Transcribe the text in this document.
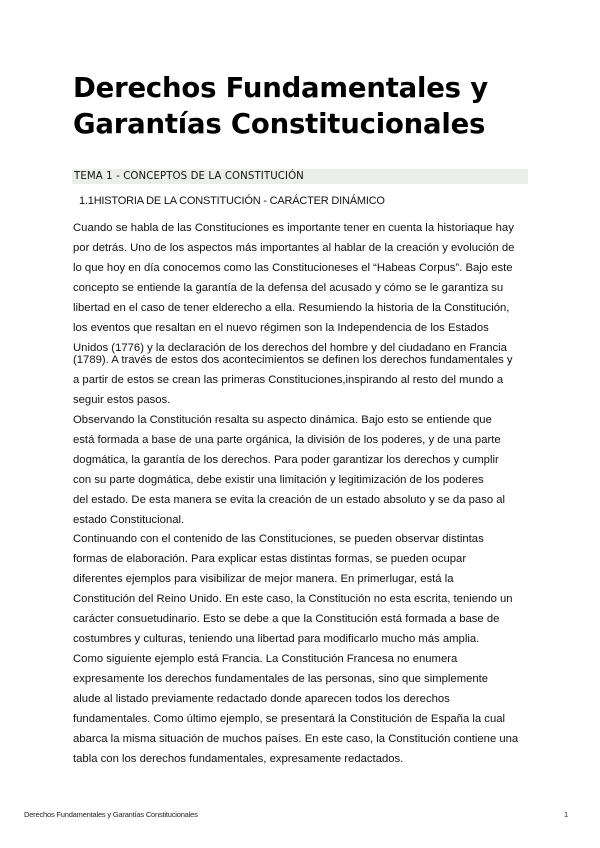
Derechos Fundamentales y
Garantías Constitucionales
TEMA 1 - CONCEPTOS DE LA CONSTITUCIÓN
1.1HISTORIA DE LA CONSTITUCIÓN - CARÁCTER DINÁMICO

Cuando se habla de las Constituciones es importante tener en cuenta la historiaque hay
por detrás. Uno de los aspectos más importantes al hablar de la creación y evolución de
lo que hoy en día conocemos como las Constitucioneses el “Habeas Corpus”. Bajo este
concepto se entiende la garantía de la defensa del acusado y cómo se le garantiza su
libertad en el caso de tener elderecho a ella. Resumiendo la historia de la Constitución,
los eventos que resaltan en el nuevo régimen son la Independencia de los Estados
Unidos (1776) y la declaración de los derechos del hombre y del ciudadano en Francia

(1789). A través de estos dos acontecimientos se definen los derechos fundamentales y
a partir de estos se crean las primeras Constituciones,inspirando al resto del mundo a
seguir estos pasos.

Observando la Constitución resalta su aspecto dinámica. Bajo esto se entiende que
está formada a base de una parte orgánica, la división de los poderes, y de una parte
dogmática, la garantía de los derechos. Para poder garantizar los derechos y cumplir
con su parte dogmática, debe existir una limitación y legitimización de los poderes
del estado. De esta manera se evita la creación de un estado absoluto y se da paso al
estado Constitucional.

Continuando con el contenido de las Constituciones, se pueden observar distintas
formas de elaboración. Para explicar estas distintas formas, se pueden ocupar
diferentes ejemplos para visibilizar de mejor manera. En primerlugar, está la
Constitución del Reino Unido. En este caso, la Constitución no esta escrita, teniendo un
carácter consuetudinario. Esto se debe a que la Constitución está formada a base de
costumbres y culturas, teniendo una libertad para modificarlo mucho más amplia.
Como siguiente ejemplo está Francia. La Constitución Francesa no enumera
expresamente los derechos fundamentales de las personas, sino que simplemente
alude al listado previamente redactado donde aparecen todos los derechos
fundamentales. Como último ejemplo, se presentará la Constitución de España la cual
abarca la misma situación de muchos países. En este caso, la Constitución contiene una
tabla con los derechos fundamentales, expresamente redactados.

Derechos Fundamentales y Garantías Constitucionales	1
